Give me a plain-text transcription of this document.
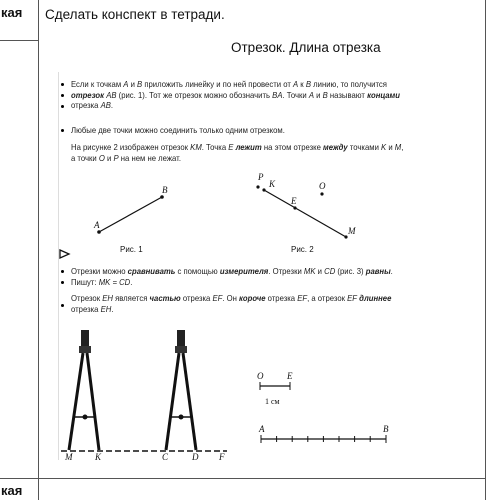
кая
кая
Сделать конспект в тетради.
Отрезок. Длина отрезка
Если к точкам A и B приложить линейку и по ней провести от A к B линию, то получится отрезок AB (рис. 1). Тот же отрезок можно обозначить BA. Точки A и B называют концами отрезка AB.
Любые две точки можно соединить только одним отрезком.
На рисунке 2 изображен отрезок KM. Точка E лежит на этом отрезке между точками K и M, а точки O и P на нем не лежат.
A
B
Рис. 1
P
K	O
E
M
Рис. 2
Отрезки можно сравнивать с помощью измерителя. Отрезки MK и CD (рис. 3) равны. Пишут: MK = CD.
Отрезок EH является частью отрезка EF. Он короче отрезка EF, а отрезок EF длиннее отрезка EH.
M	K	C	D F
O	E
1 см
A	B
